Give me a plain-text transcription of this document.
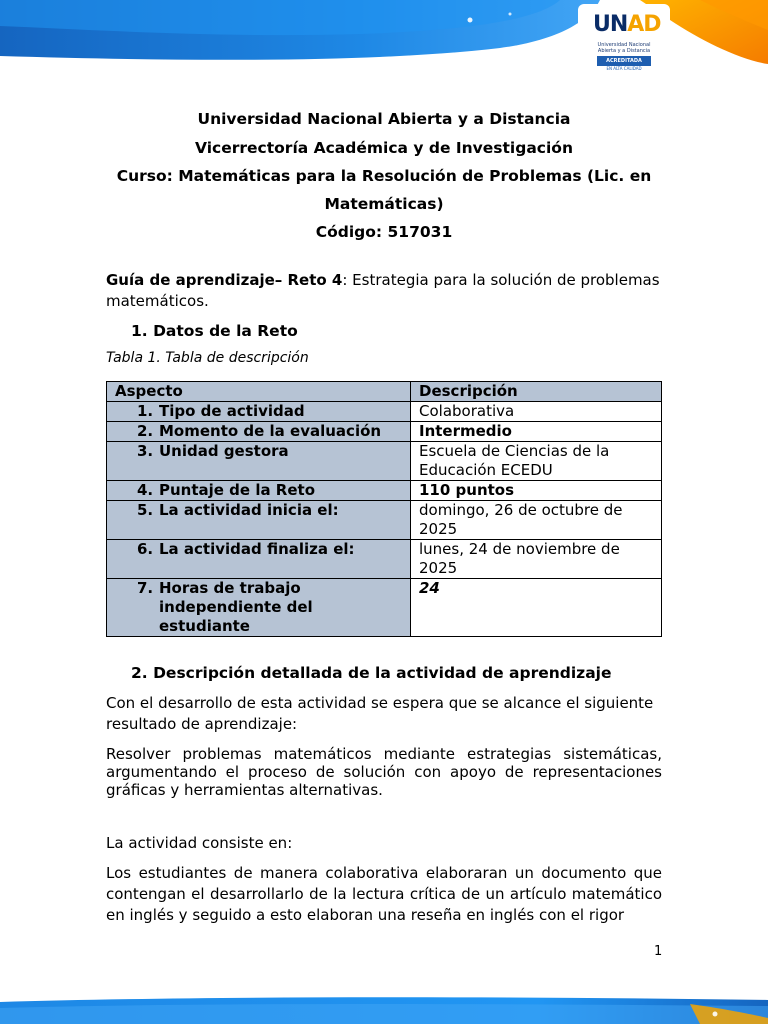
UNAD
Universidad Nacional Abierta y a Distancia
ACREDITADA
EN ALTA CALIDAD
Universidad Nacional Abierta y a Distancia
Vicerrectoría Académica y de Investigación
Curso: Matemáticas para la Resolución de Problemas (Lic. en
Matemáticas)
Código: 517031
Guía de aprendizaje– Reto 4: Estrategia para la solución de problemas matemáticos.
1. Datos de la Reto
Tabla 1. Tabla de descripción
Aspecto	Descripción
1. Tipo de actividad	Colaborativa
2. Momento de la evaluación	Intermedio
3. Unidad gestora	Escuela de Ciencias de la Educación ECEDU
4. Puntaje de la Reto	110 puntos
5. La actividad inicia el:	domingo, 26 de octubre de 2025
6. La actividad finaliza el:	lunes, 24 de noviembre de 2025
7. Horas de trabajo independiente del estudiante	24
2. Descripción detallada de la actividad de aprendizaje
Con el desarrollo de esta actividad se espera que se alcance el siguiente resultado de aprendizaje:
Resolver problemas matemáticos mediante estrategias sistemáticas, argumentando el proceso de solución con apoyo de representaciones gráficas y herramientas alternativas.
La actividad consiste en:
Los estudiantes de manera colaborativa elaboraran un documento que contengan el desarrollarlo de la lectura crítica de un artículo matemático en inglés y seguido a esto elaboran una reseña en inglés con el rigor
1
